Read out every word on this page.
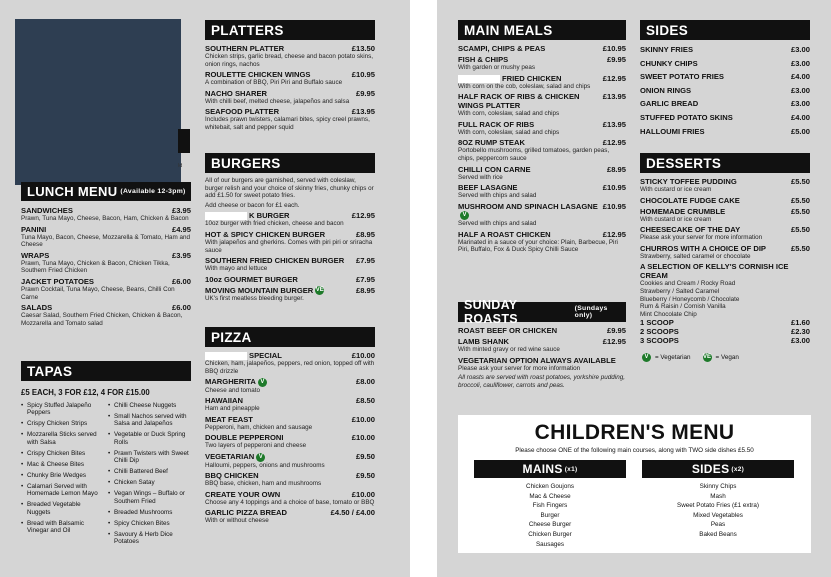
ld
LUNCH MENU (Available 12-3pm)
SANDWICHES	£3.95
Prawn, Tuna Mayo, Cheese, Bacon, Ham, Chicken & Bacon
PANINI	£4.95
Tuna Mayo, Bacon, Cheese, Mozzarella & Tomato, Ham and Cheese
WRAPS	£3.95
Prawn, Tuna Mayo, Chicken & Bacon, Chicken Tikka, Southern Fried Chicken
JACKET POTATOES	£6.00
Prawn Cocktail, Tuna Mayo, Cheese, Beans, Chilli Con Carne
SALADS	£6.00
Caesar Salad, Southern Fried Chicken, Chicken & Bacon, Mozzarella and Tomato salad
TAPAS
£5 EACH, 3 FOR £12, 4 FOR £15.00
• Spicy Stuffed Jalapeño Peppers
• Crispy Chicken Strips
• Mozzarella Sticks served with Salsa
• Crispy Chicken Bites
• Mac & Cheese Bites
• Chunky Brie Wedges
• Calamari Served with Homemade Lemon Mayo
• Breaded Vegetable Nuggets
• Bread with Balsamic Vinegar and Oil
• Chilli Cheese Nuggets
• Small Nachos served with Salsa and Jalapeños
• Vegetable or Duck Spring Rolls
• Prawn Twisters with Sweet Chilli Dip
• Chilli Battered Beef
• Chicken Satay
• Vegan Wings – Buffalo or Southern Fried
• Breaded Mushrooms
• Spicy Chicken Bites
• Savoury & Herb Dice Potatoes
PLATTERS
SOUTHERN PLATTER	£13.50
Chicken strips, garlic bread, cheese and bacon potato skins, onion rings, nachos
ROULETTE CHICKEN WINGS	£10.95
A combination of BBQ, Piri Piri and Buffalo sauce
NACHO SHARER	£9.95
With chilli beef, melted cheese, jalapeños and salsa
SEAFOOD PLATTER	£13.95
Includes prawn twisters, calamari bites, spicy creel prawns, whitebait, salt and pepper squid
BURGERS
All of our burgers are garnished, served with coleslaw, burger relish and your choice of skinny fries, chunky chips or add £1.50 for sweet potato fries.
Add cheese or bacon for £1 each.
K BURGER	£12.95
10oz burger with fried chicken, cheese and bacon
HOT & SPICY CHICKEN BURGER	£8.95
With jalapeños and gherkins. Comes with piri piri or sriracha sauce
SOUTHERN FRIED CHICKEN BURGER £7.95
With mayo and lettuce
10oz GOURMET BURGER	£7.95
MOVING MOUNTAIN BURGER VE	£8.95
UK's first meatless bleeding burger.
PIZZA
SPECIAL	£10.00
Chicken, ham, jalapeños, peppers, red onion, topped off with BBQ drizzle
MARGHERITA V	£8.00
Cheese and tomato
HAWAIIAN	£8.50
Ham and pineapple
MEAT FEAST	£10.00
Pepperoni, ham, chicken and sausage
DOUBLE PEPPERONI	£10.00
Two layers of pepperoni and cheese
VEGETARIAN V	£9.50
Halloumi, peppers, onions and mushrooms
BBQ CHICKEN	£9.50
BBQ base, chicken, ham and mushrooms
CREATE YOUR OWN	£10.00
Choose any 4 toppings and a choice of base, tomato or BBQ
GARLIC PIZZA BREAD	£4.50 / £4.00
With or without cheese
MAIN MEALS
SCAMPI, CHIPS & PEAS	£10.95
FISH & CHIPS	£9.95
With garden or mushy peas
FRIED CHICKEN	£12.95
With corn on the cob, coleslaw, salad and chips
HALF RACK OF RIBS & CHICKEN WINGS PLATTER
£13.95
With corn, coleslaw, salad and chips
FULL RACK OF RIBS	£13.95
With corn, coleslaw, salad and chips
8OZ RUMP STEAK	£12.95
Portobello mushrooms, grilled tomatoes, garden peas, chips, peppercorn sauce
CHILLI CON CARNE	£8.95
Served with rice
BEEF LASAGNE	£10.95
Served with chips and salad
MUSHROOM AND SPINACH LASAGNEV
£10.95
Served with chips and salad
HALF A ROAST CHICKEN	£12.95
Marinated in a sauce of your choice: Plain, Barbecue, Piri Piri, Buffalo, Fox & Duck Spicy Chilli Sauce
SUNDAY ROASTS
(Sundays only)
ROAST BEEF OR CHICKEN	£9.95
LAMB SHANK	£12.95
With minted gravy or red wine sauce
VEGETARIAN OPTION ALWAYS AVAILABLE
Please ask your server for more information
All roasts are served with roast potatoes, yorkshire pudding, broccoli, cauliflower, carrots and peas.
SIDES
SKINNY FRIES	£3.00
CHUNKY CHIPS	£3.00
SWEET POTATO FRIES	£4.00
ONION RINGS	£3.00
GARLIC BREAD	£3.00
STUFFED POTATO SKINS	£4.00
HALLOUMI FRIES	£5.00
DESSERTS
STICKY TOFFEE PUDDING	£5.50
With custard or ice cream
CHOCOLATE FUDGE CAKE	£5.50
HOMEMADE CRUMBLE	£5.50
With custard or ice cream
CHEESECAKE OF THE DAY	£5.50
Please ask your server for more information
CHURROS WITH A CHOICE OF DIP	£5.50
Strawberry, salted caramel or chocolate
A SELECTION OF KELLY'S CORNISH ICE CREAM
Cookies and Cream / Rocky Road
Strawberry / Salted Caramel
Blueberry / Honeycomb / Chocolate
Rum & Raisin / Cornish Vanilla
Mint Chocolate Chip
1 SCOOP	£1.60
2 SCOOPS	£2.30
3 SCOOPS	£3.00
V	= Vegetarian VE = Vegan
CHILDREN'S MENU
Please choose ONE of the following main courses, along with TWO side dishes £5.50
MAINS (x1)
Chicken Goujons
Mac & Cheese
Fish Fingers
Burger
Cheese Burger
Chicken Burger
Sausages
SIDES (x2)
Skinny Chips
Mash
Sweet Potato Fries (£1 extra)
Mixed Vegetables
Peas
Baked Beans
